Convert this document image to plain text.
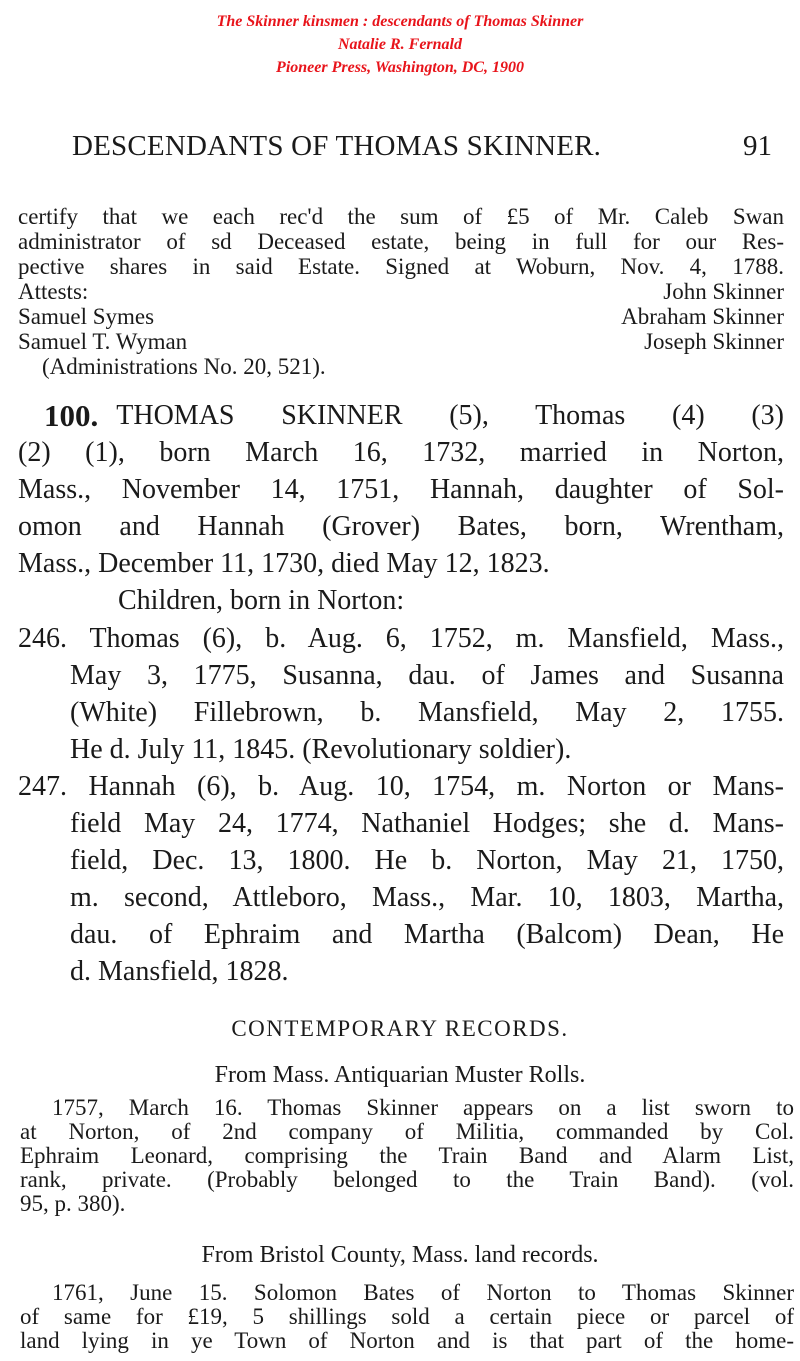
The Skinner kinsmen : descendants of Thomas Skinner
Natalie R. Fernald
Pioneer Press, Washington, DC, 1900
DESCENDANTS OF THOMAS SKINNER.	91
certify that we each rec'd the sum of £5 of Mr. Caleb Swan
administrator of sd Deceased estate, being in full for our Res-
pective shares in said Estate. Signed at Woburn, Nov. 4, 1788.
Attests:	John Skinner
Samuel Symes	Abraham Skinner
Samuel T. Wyman	Joseph Skinner
(Administrations No. 20, 521).
100. THOMAS SKINNER (5), Thomas (4) (3)
(2) (1), born March 16, 1732, married in Norton,
Mass., November 14, 1751, Hannah, daughter of Sol-
omon and Hannah (Grover) Bates, born, Wrentham,
Mass., December 11, 1730, died May 12, 1823.
Children, born in Norton:
246. Thomas (6), b. Aug. 6, 1752, m. Mansfield, Mass.,
May 3, 1775, Susanna, dau. of James and Susanna
(White) Fillebrown, b. Mansfield, May 2, 1755.
He d. July 11, 1845. (Revolutionary soldier).
247. Hannah (6), b. Aug. 10, 1754, m. Norton or Mans-
field May 24, 1774, Nathaniel Hodges; she d. Mans-
field, Dec. 13, 1800. He b. Norton, May 21, 1750,
m. second, Attleboro, Mass., Mar. 10, 1803, Martha,
dau. of Ephraim and Martha (Balcom) Dean, He
d. Mansfield, 1828.
CONTEMPORARY RECORDS.
From Mass. Antiquarian Muster Rolls.
1757, March 16. Thomas Skinner appears on a list sworn to
at Norton, of 2nd company of Militia, commanded by Col.
Ephraim Leonard, comprising the Train Band and Alarm List,
rank, private. (Probably belonged to the Train Band). (vol.
95, p. 380).
From Bristol County, Mass. land records.
1761, June 15. Solomon Bates of Norton to Thomas Skinner
of same for £19, 5 shillings sold a certain piece or parcel of
land lying in ye Town of Norton and is that part of the home-
